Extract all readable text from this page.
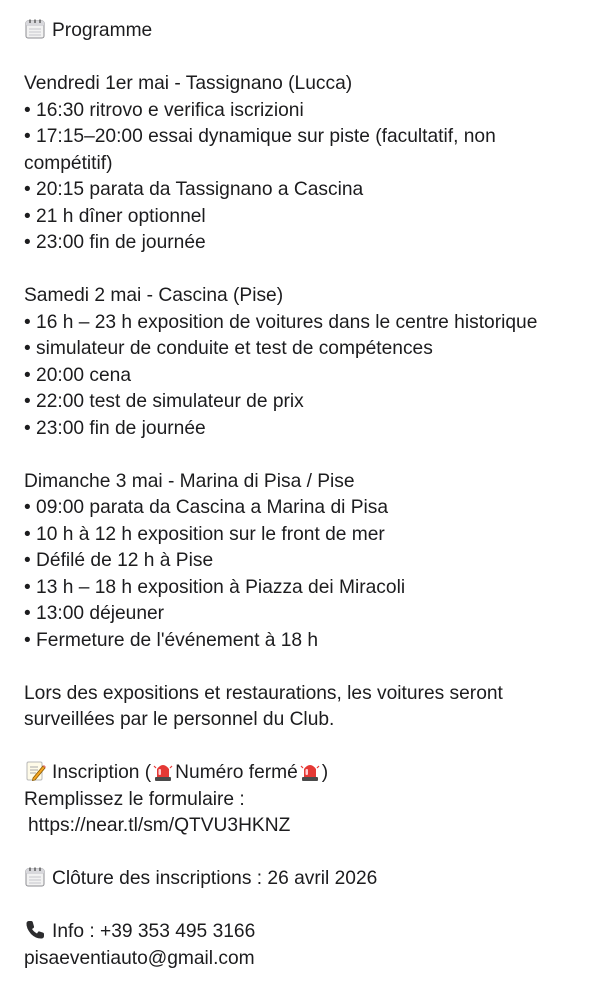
Programme
Vendredi 1er mai - Tassignano (Lucca)
• 16:30 ritrovo e verifica iscrizioni
• 17:15–20:00 essai dynamique sur piste (facultatif, non compétitif)
• 20:15 parata da Tassignano a Cascina
• 21 h dîner optionnel
• 23:00 fin de journée
Samedi 2 mai - Cascina (Pise)
• 16 h – 23 h exposition de voitures dans le centre historique
• simulateur de conduite et test de compétences
• 20:00 cena
• 22:00 test de simulateur de prix
• 23:00 fin de journée
Dimanche 3 mai - Marina di Pisa / Pise
• 09:00 parata da Cascina a Marina di Pisa
• 10 h à 12 h exposition sur le front de mer
• Défilé de 12 h à Pise
• 13 h – 18 h exposition à Piazza dei Miracoli
• 13:00 déjeuner
• Fermeture de l'événement à 18 h
Lors des expositions et restaurations, les voitures seront surveillées par le personnel du Club.
Inscription ( Numéro fermé )
Remplissez le formulaire :
https://near.tl/sm/QTVU3HKNZ
Clôture des inscriptions : 26 avril 2026
Info : +39 353 495 3166
pisaeventiauto@gmail.com
